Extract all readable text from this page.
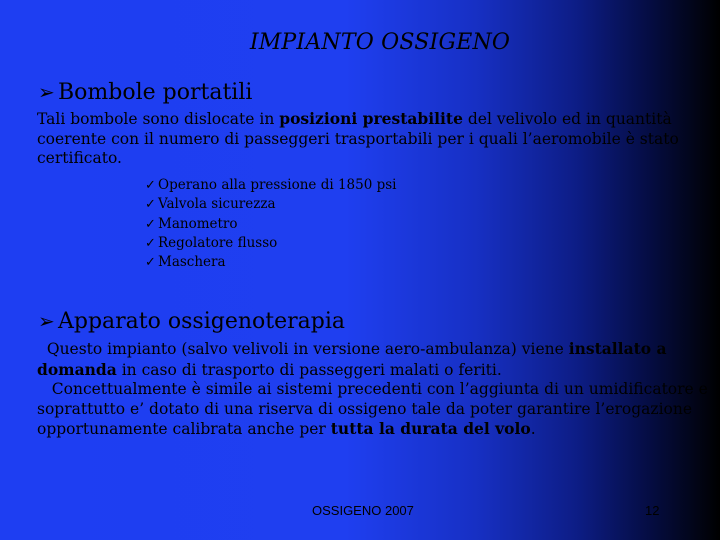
IMPIANTO OSSIGENO
➢ Bombole portatili
Tali bombole sono dislocate in posizioni prestabilite del velivolo ed in quantità coerente con il numero di passeggeri trasportabili per i quali l’aeromobile è stato certificato.
✓ Operano alla pressione di 1850 psi
✓ Valvola sicurezza
✓ Manometro
✓ Regolatore flusso
✓ Maschera
➢ Apparato ossigenoterapia
Questo impianto (salvo velivoli in versione aero-ambulanza) viene installato a domanda in caso di trasporto di passeggeri malati o feriti.
Concettualmente è simile ai sistemi precedenti con l’aggiunta di un umidificatore e soprattutto e’ dotato di una riserva di ossigeno tale da poter garantire l’erogazione opportunamente calibrata anche per tutta la durata del volo.
OSSIGENO 2007	12
